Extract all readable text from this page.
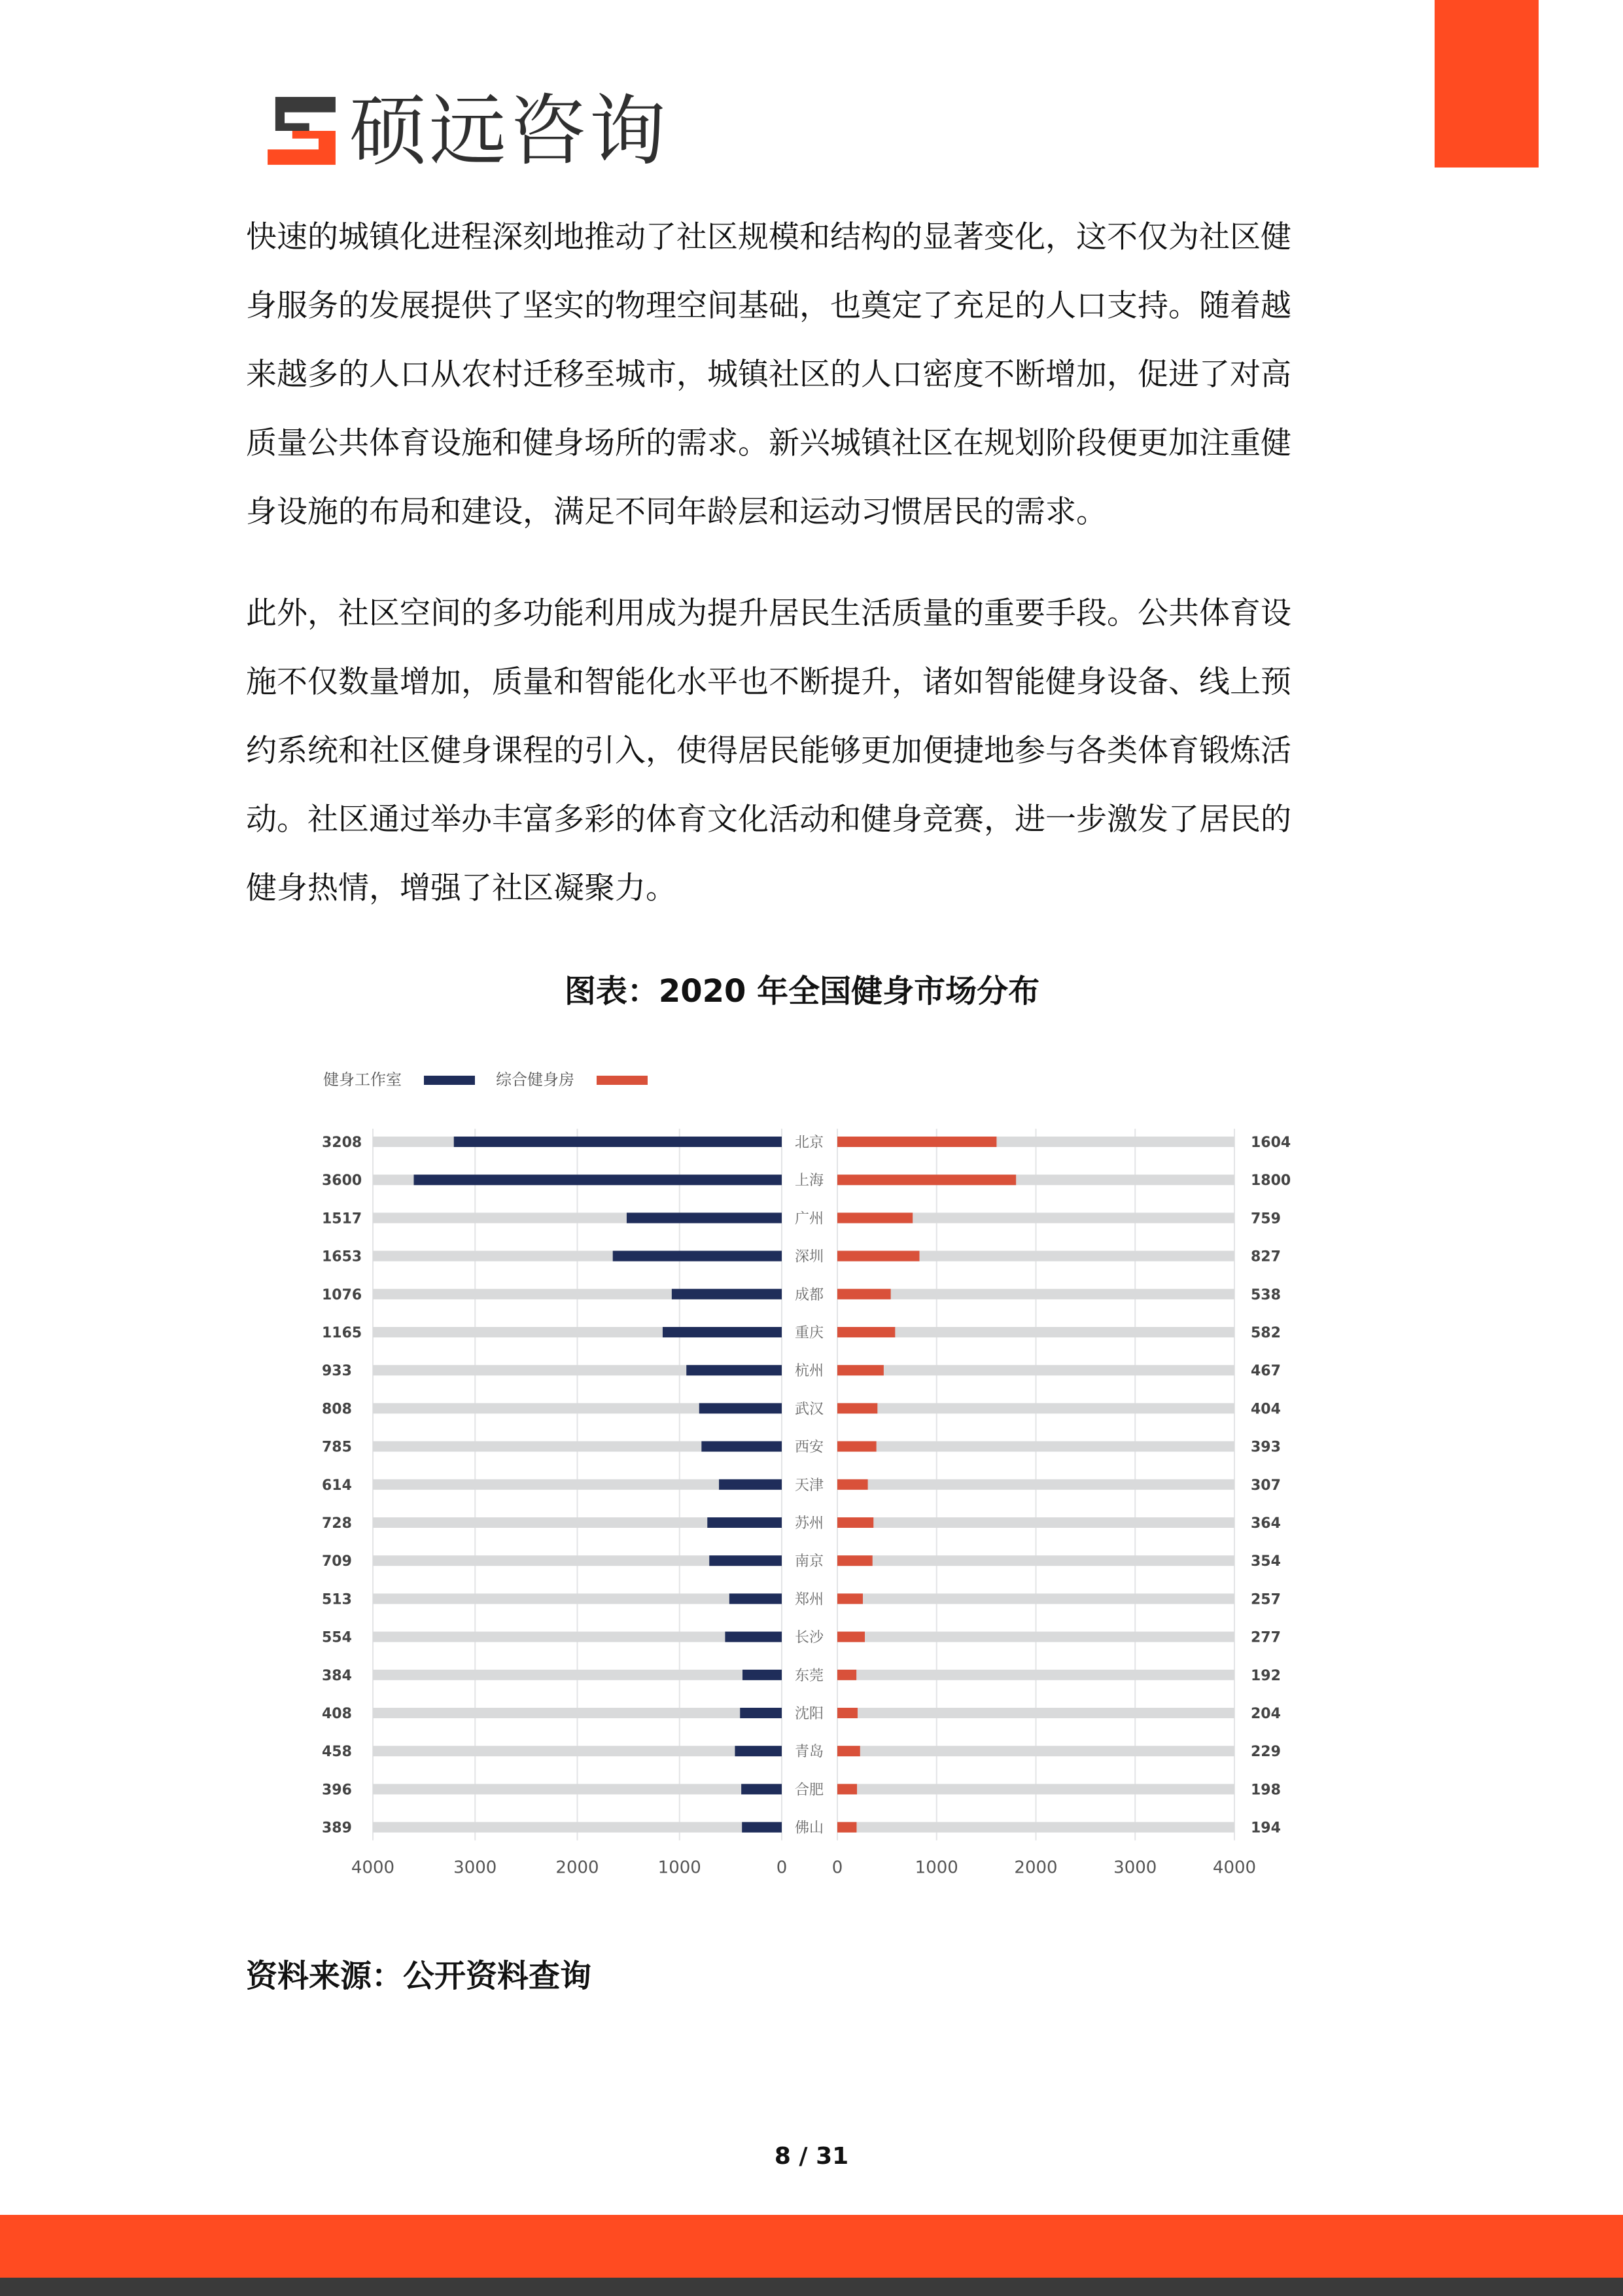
硕远咨询
快速的城镇化进程深刻地推动了社区规模和结构的显著变化，这不仅为社区健
身服务的发展提供了坚实的物理空间基础，也奠定了充足的人口支持。随着越
来越多的人口从农村迁移至城市，城镇社区的人口密度不断增加，促进了对高
质量公共体育设施和健身场所的需求。新兴城镇社区在规划阶段便更加注重健
身设施的布局和建设，满足不同年龄层和运动习惯居民的需求。
此外，社区空间的多功能利用成为提升居民生活质量的重要手段。公共体育设
施不仅数量增加，质量和智能化水平也不断提升，诸如智能健身设备、线上预
约系统和社区健身课程的引入，使得居民能够更加便捷地参与各类体育锻炼活
动。社区通过举办丰富多彩的体育文化活动和健身竞赛，进一步激发了居民的
健身热情，增强了社区凝聚力。
图表：2020 年全国健身市场分布
健身工作室	综合健身房
3208	北京	1604
3600	上海	1800
1517	广州	759
1653	深圳	827
1076	成都	538
1165	重庆	582
933	杭州	467
808	武汉	404
785	西安	393
614	天津	307
728	苏州	364
709	南京	354
513	郑州	257
554	长沙	277
384	东莞	192
408	沈阳	204
458	青岛	229
396	合肥	198
389	佛山	194
4000	3000	2000	1000	0	0	1000	2000	3000	4000
资料来源：公开资料查询
8 / 31
